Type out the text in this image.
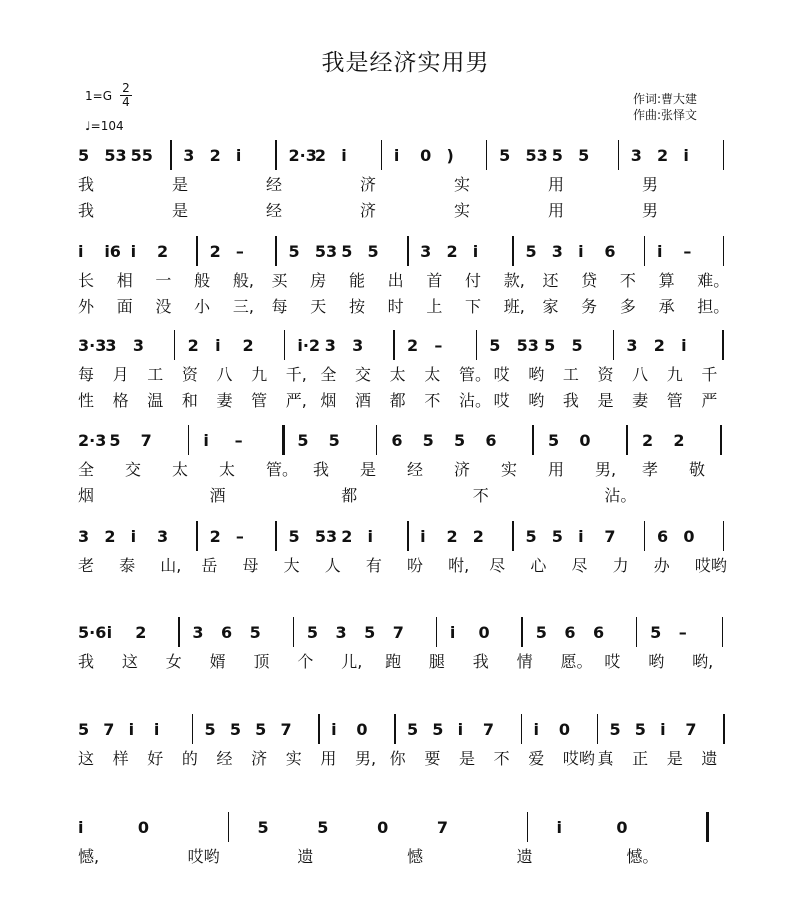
我是经济实用男
1=G
2
4
♩=104
作词:曹大建
作曲:张怿文
5 53 55 3 2 i	2·3
2 i	i 0 )	5 53 5 5	3 2 i
我	是	经	济	实	用	男
我	是	经	济	实	用	男
i i6 i 2	2 –	5 53 5 5	3 2 i	5 3 i 6	i –
长 相 一 般 般, 买 房 能 出 首 付 款, 还 贷 不 算 难。
外 面 没 小 三, 每 天 按 时 上 下 班, 家 务 多 承 担。
3·3 3 3	2 i 2	i·2 3 3	2 –	5 53 5 5	3 2 i
每 月 工 资 八 九 千, 全 交 太 太 管。 哎 哟 工 资 八 九 千
性 格 温 和 妻 管 严, 烟 酒 都 不 沾。 哎 哟 我 是 妻 管 严
2·3 5 7	i –	5 5	6 5 5 6	5 0	2 2
全 交 太 太 管。 我 是 经 济 实 用 男, 孝 敬
烟	酒	都	不	沾。
3 2 i 3	2 –	5 53 2 i	i 2 2	5 5 i 7	6 0
老 泰 山, 岳 母 大 人 有 吩 咐, 尽 心 尽 力 办 哎哟
5·6 i 2	3 6 5	5 3 5 7	i 0	5 6 6	5 –
我 这 女 婿 顶 个 儿, 跑 腿 我 情 愿。 哎 哟 哟,
5 7 i i	5 5 5 7 i 0 5 5 i 7 i 0 5 5 i 7
这 样 好 的 经 济 实 用 男, 你 要 是 不 爱 哎哟 真 正 是 遗
i	0	5	5	0	7	i	0
憾,	哎哟	遗	憾	遗	憾。
